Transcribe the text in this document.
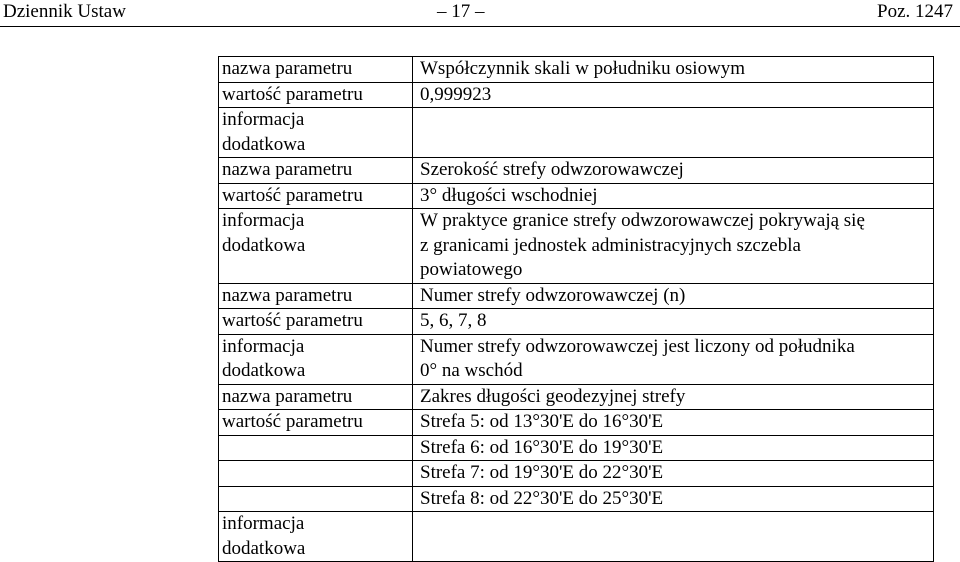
Dziennik Ustaw	– 17 –	Poz. 1247
nazwa parametru	Współczynnik skali w południku osiowym

wartość parametru	0,999923

informacja
dodatkowa	

nazwa parametru	Szerokość strefy odwzorowawczej

wartość parametru	3° długości wschodniej

informacja
dodatkowa	W praktyce granice strefy odwzorowawczej pokrywają się
z granicami jednostek administracyjnych szczebla
powiatowego

nazwa parametru	Numer strefy odwzorowawczej (n)

wartość parametru	5, 6, 7, 8

informacja
dodatkowa	Numer strefy odwzorowawczej jest liczony od południka
0° na wschód

nazwa parametru	Zakres długości geodezyjnej strefy

wartość parametru	Strefa 5: od 13°30'E do 16°30'E

	Strefa 6: od 16°30'E do 19°30'E

	Strefa 7: od 19°30'E do 22°30'E

	Strefa 8: od 22°30'E do 25°30'E

informacja
dodatkowa	
